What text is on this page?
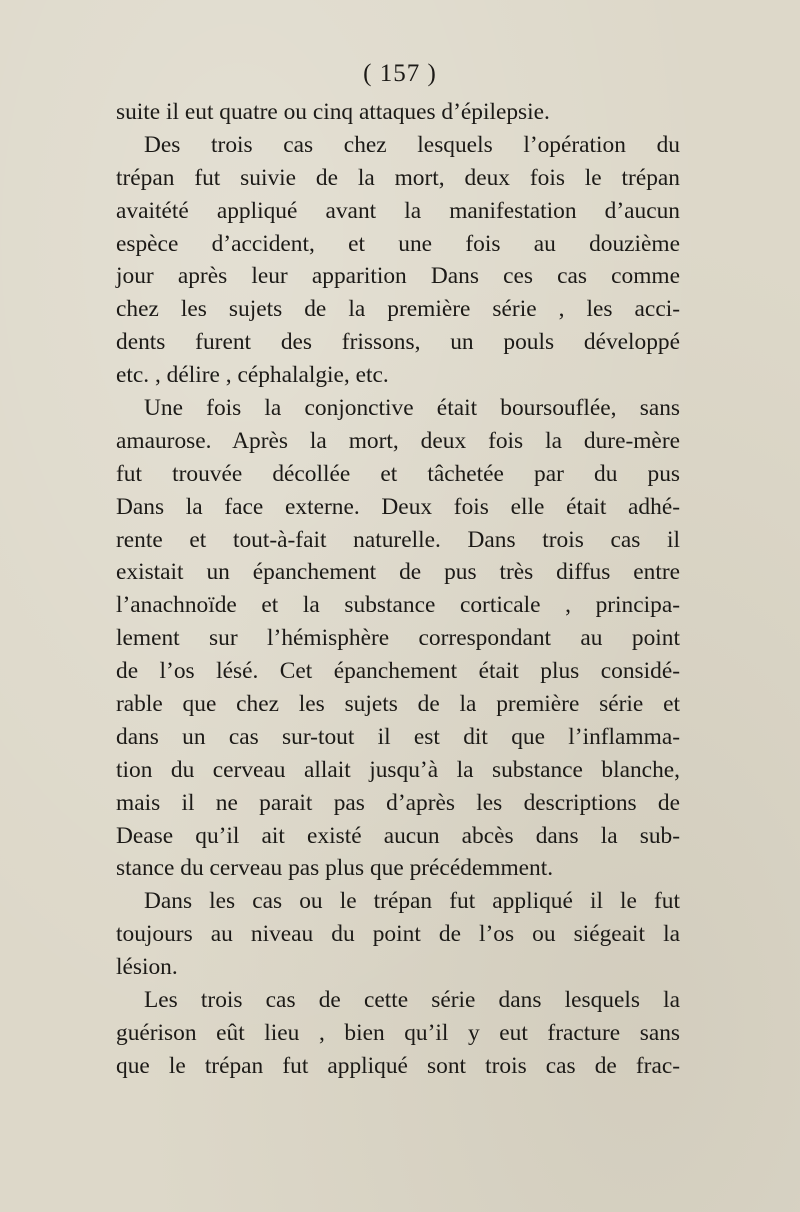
( 157 )
suite il eut quatre ou cinq attaques d’épilepsie.
Des trois cas chez lesquels l’opération du
trépan fut suivie de la mort, deux fois le trépan
avaitété appliqué avant la manifestation d’aucun
espèce d’accident, et une fois au douzième
jour après leur apparition Dans ces cas comme
chez les sujets de la première série , les acci-
dents furent des frissons, un pouls développé
etc. , délire , céphalalgie, etc.
Une fois la conjonctive était boursouflée, sans
amaurose. Après la mort, deux fois la dure-mère
fut trouvée décollée et tâchetée par du pus
Dans la face externe. Deux fois elle était adhé-
rente et tout-à-fait naturelle. Dans trois cas il
existait un épanchement de pus très diffus entre
l’anachnoïde et la substance corticale , principa-
lement sur l’hémisphère correspondant au point
de l’os lésé. Cet épanchement était plus considé-
rable que chez les sujets de la première série et
dans un cas sur-tout il est dit que l’inflamma-
tion du cerveau allait jusqu’à la substance blanche,
mais il ne parait pas d’après les descriptions de
Dease qu’il ait existé aucun abcès dans la sub-
stance du cerveau pas plus que précédemment.
Dans les cas ou le trépan fut appliqué il le fut
toujours au niveau du point de l’os ou siégeait la
lésion.
Les trois cas de cette série dans lesquels la
guérison eût lieu , bien qu’il y eut fracture sans
que le trépan fut appliqué sont trois cas de frac-
